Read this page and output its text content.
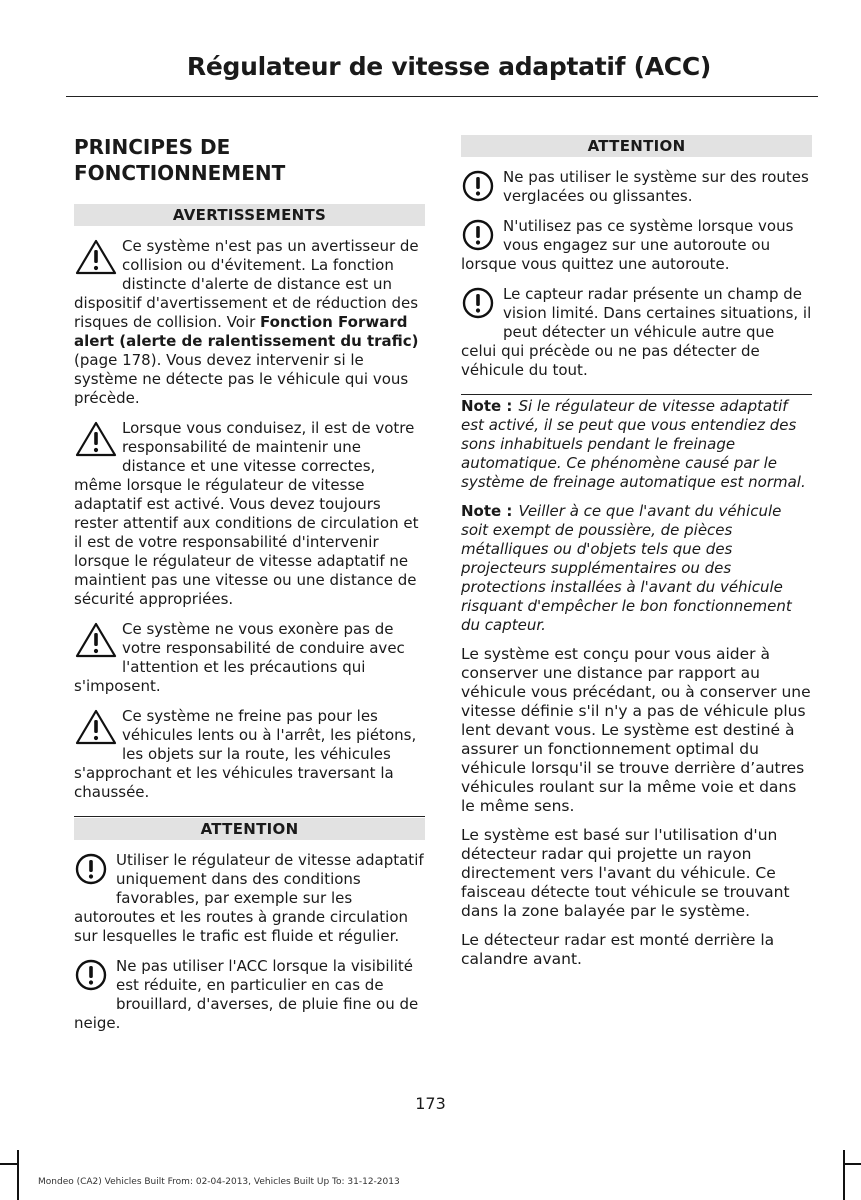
Régulateur de vitesse adaptatif (ACC)
PRINCIPES DE FONCTIONNEMENT
AVERTISSEMENTS

Ce système n'est pas un avertisseur de collision ou d'évitement. La fonction distincte d'alerte de distance est un dispositif d'avertissement et de réduction des risques de collision. Voir Fonction Forward alert (alerte de ralentissement du trafic) (page 178). Vous devez intervenir si le système ne détecte pas le véhicule qui vous précède.

Lorsque vous conduisez, il est de votre responsabilité de maintenir une distance et une vitesse correctes, même lorsque le régulateur de vitesse adaptatif est activé. Vous devez toujours rester attentif aux conditions de circulation et il est de votre responsabilité d'intervenir lorsque le régulateur de vitesse adaptatif ne maintient pas une vitesse ou une distance de sécurité appropriées.

Ce système ne vous exonère pas de votre responsabilité de conduire avec l'attention et les précautions qui s'imposent.

Ce système ne freine pas pour les véhicules lents ou à l'arrêt, les piétons, les objets sur la route, les véhicules s'approchant et les véhicules traversant la chaussée.

ATTENTION

Utiliser le régulateur de vitesse adaptatif uniquement dans des conditions favorables, par exemple sur les autoroutes et les routes à grande circulation sur lesquelles le trafic est fluide et régulier.

Ne pas utiliser l'ACC lorsque la visibilité est réduite, en particulier en cas de brouillard, d'averses, de pluie fine ou de neige.

ATTENTION

Ne pas utiliser le système sur des routes verglacées ou glissantes.

N'utilisez pas ce système lorsque vous vous engagez sur une autoroute ou lorsque vous quittez une autoroute.

Le capteur radar présente un champ de vision limité. Dans certaines situations, il peut détecter un véhicule autre que celui qui précède ou ne pas détecter de véhicule du tout.

Note : Si le régulateur de vitesse adaptatif est activé, il se peut que vous entendiez des sons inhabituels pendant le freinage automatique. Ce phénomène causé par le système de freinage automatique est normal.

Note : Veiller à ce que l'avant du véhicule soit exempt de poussière, de pièces métalliques ou d'objets tels que des projecteurs supplémentaires ou des protections installées à l'avant du véhicule risquant d'empêcher le bon fonctionnement du capteur.

Le système est conçu pour vous aider à conserver une distance par rapport au véhicule vous précédant, ou à conserver une vitesse définie s'il n'y a pas de véhicule plus lent devant vous. Le système est destiné à assurer un fonctionnement optimal du véhicule lorsqu'il se trouve derrière d’autres véhicules roulant sur la même voie et dans le même sens.

Le système est basé sur l'utilisation d'un détecteur radar qui projette un rayon directement vers l'avant du véhicule. Ce faisceau détecte tout véhicule se trouvant dans la zone balayée par le système.

Le détecteur radar est monté derrière la calandre avant.

173
Mondeo (CA2) Vehicles Built From: 02-04-2013, Vehicles Built Up To: 31-12-2013
